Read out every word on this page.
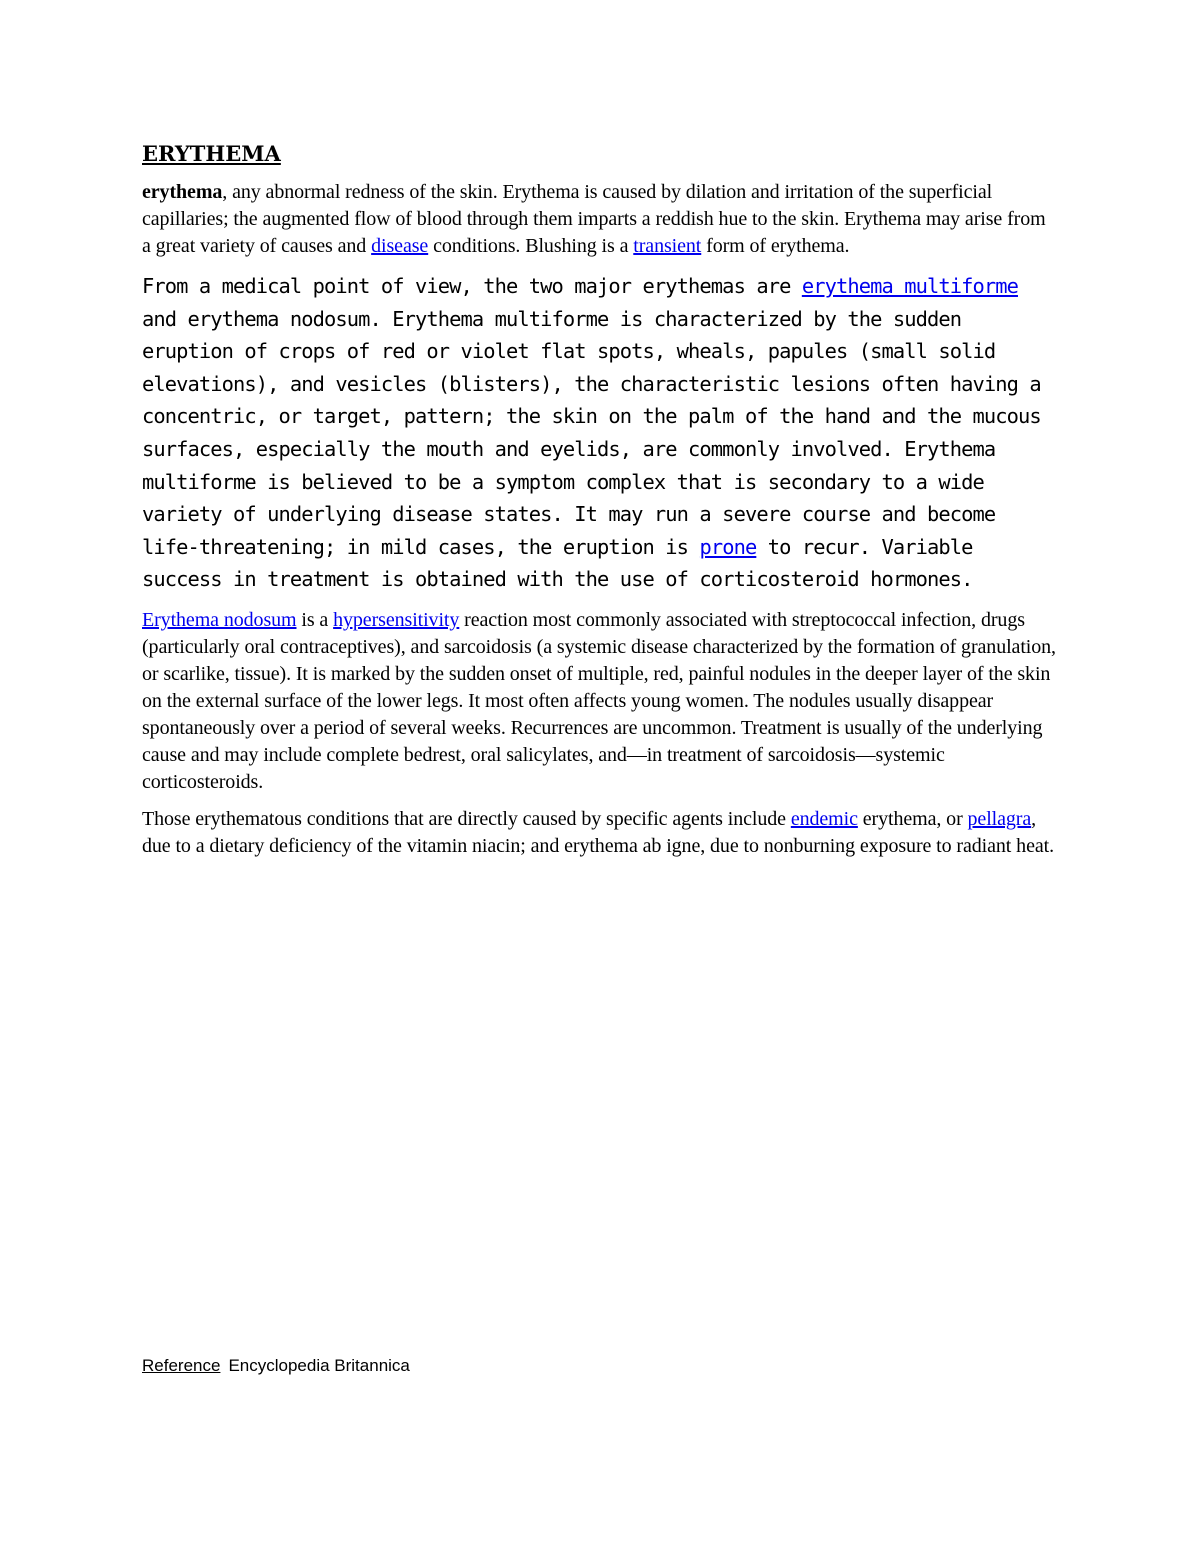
ERYTHEMA

erythema, any abnormal redness of the skin. Erythema is caused by dilation and irritation of the superficial capillaries; the augmented flow of blood through them imparts a reddish hue to the skin. Erythema may arise from a great variety of causes and disease conditions. Blushing is a transient form of erythema.

From a medical point of view, the two major erythemas are erythema multiforme and erythema nodosum. Erythema multiforme is characterized by the sudden eruption of crops of red or violet flat spots, wheals, papules (small solid elevations), and vesicles (blisters), the characteristic lesions often having a concentric, or target, pattern; the skin on the palm of the hand and the mucous surfaces, especially the mouth and eyelids, are commonly involved. Erythema multiforme is believed to be a symptom complex that is secondary to a wide variety of underlying disease states. It may run a severe course and become life-threatening; in mild cases, the eruption is prone to recur. Variable success in treatment is obtained with the use of corticosteroid hormones.

Erythema nodosum is a hypersensitivity reaction most commonly associated with streptococcal infection, drugs (particularly oral contraceptives), and sarcoidosis (a systemic disease characterized by the formation of granulation, or scarlike, tissue). It is marked by the sudden onset of multiple, red, painful nodules in the deeper layer of the skin on the external surface of the lower legs. It most often affects young women. The nodules usually disappear spontaneously over a period of several weeks. Recurrences are uncommon. Treatment is usually of the underlying cause and may include complete bedrest, oral salicylates, and—in treatment of sarcoidosis—systemic corticosteroids.

Those erythematous conditions that are directly caused by specific agents include endemic erythema, or pellagra, due to a dietary deficiency of the vitamin niacin; and erythema ab igne, due to nonburning exposure to radiant heat.

Reference Encyclopedia Britannica
